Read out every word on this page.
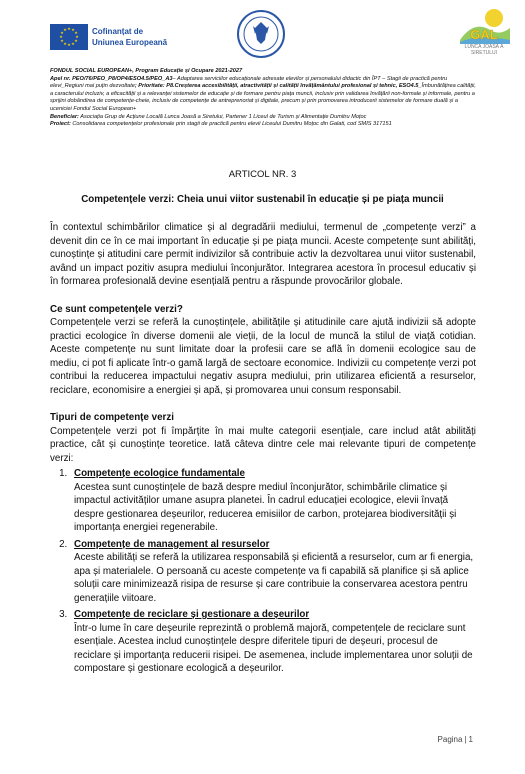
★ ★
★
★
★
★
★
★
★
★
★
★	Cofinanțat de
Uniunea Europeană
GAL
LUNCA JOASĂ A SIRETULUI

FONDUL SOCIAL EUROPEAN+, Program Educație și Ocupare 2021-2027

Apel nr. PEO/76/PEO_P8/OP4/ESO4.5/PEO_A3– Adaptarea serviciilor educaționale adresate elevilor și personalului didactic din ÎPT – Stagii de practică pentru elevi_Regiuni mai puțin dezvoltate; Prioritate: P8.Creșterea accesibilității, atractivității și calității învățământului profesional și tehnic, ESO4.5_Îmbunătățirea calității, a caracterului incluziv, a eficacității și a relevanței sistemelor de educație și de formare pentru piața muncii, inclusiv prin validarea învățării non-formale și informale, pentru a sprijini dobândirea de competențe-cheie, inclusiv de competențe de antreprenoriat și digitale, precum și prin promovarea introducerii sistemelor de formare duală și a uceniciei Fondul Social European+

Beneficiar: Asociația Grup de Acțiune Locală Lunca Joasă a Siretului, Partener 1 Liceul de Turism și Alimentație Dumitru Moțoc

Proiect: Consolidarea competențelor profesionale prin stagii de practică pentru elevii Liceului Dumitru Moțoc din Galati, cod SMIS 317151

ARTICOL NR. 3
Competențele verzi: Cheia unui viitor sustenabil în educație și pe piața muncii

În contextul schimbărilor climatice și al degradării mediului, termenul de „competențe verzi” a devenit din ce în ce mai important în educație și pe piața muncii. Aceste competențe sunt abilități, cunoștințe și atitudini care permit indivizilor să contribuie activ la dezvoltarea unui viitor sustenabil, având un impact pozitiv asupra mediului înconjurător. Integrarea acestora în procesul educativ și în formarea profesională devine esențială pentru a răspunde provocărilor globale.

Ce sunt competențele verzi?

Competențele verzi se referă la cunoștințele, abilitățile și atitudinile care ajută indivizii să adopte practici ecologice în diverse domenii ale vieții, de la locul de muncă la stilul de viață cotidian. Aceste competențe nu sunt limitate doar la profesii care se află în domenii ecologice sau de mediu, ci pot fi aplicate într-o gamă largă de sectoare economice. Indivizii cu competențe verzi pot contribui la reducerea impactului negativ asupra mediului, prin utilizarea eficientă a resurselor, reciclare, economisire a energiei și apă, și promovarea unui consum responsabil.

Tipuri de competențe verzi

Competențele verzi pot fi împărțite în mai multe categorii esențiale, care includ atât abilități practice, cât și cunoștințe teoretice. Iată câteva dintre cele mai relevante tipuri de competențe verzi:

1. Competențe ecologice fundamentale
Acestea sunt cunoștințele de bază despre mediul înconjurător, schimbările climatice și impactul activităților umane asupra planetei. În cadrul educației ecologice, elevii învață despre gestionarea deșeurilor, reducerea emisiilor de carbon, protejarea biodiversității și importanța energiei regenerabile.
2. Competențe de management al resurselor
Aceste abilități se referă la utilizarea responsabilă și eficientă a resurselor, cum ar fi energia, apa și materialele. O persoană cu aceste competențe va fi capabilă să planifice și să aplice soluții care minimizează risipa de resurse și care contribuie la conservarea acestora pentru generațiile viitoare.
3. Competențe de reciclare și gestionare a deșeurilor
Într-o lume în care deșeurile reprezintă o problemă majoră, competențele de reciclare sunt esențiale. Acestea includ cunoștințele despre diferitele tipuri de deșeuri, procesul de reciclare și importanța reducerii risipei. De asemenea, include implementarea unor soluții de compostare și gestionare ecologică a deșeurilor.
Pagina | 1
